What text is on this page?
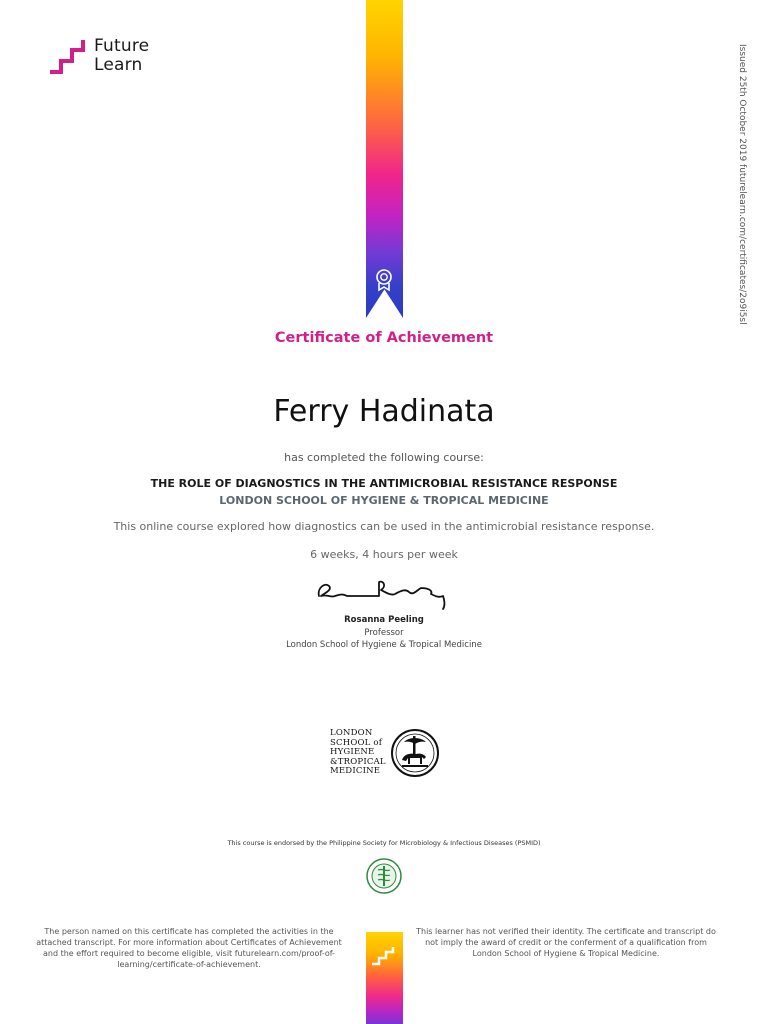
Future
Learn	Issued 25th October 2019 futurelearn.com/certificates/2o9i5sl
Certificate of Achievement
Ferry Hadinata
has completed the following course:
THE ROLE OF DIAGNOSTICS IN THE ANTIMICROBIAL RESISTANCE RESPONSE
LONDON SCHOOL OF HYGIENE & TROPICAL MEDICINE
This online course explored how diagnostics can be used in the antimicrobial resistance response.
6 weeks, 4 hours per week
Rosanna Peeling
Professor
London School of Hygiene & Tropical Medicine
LONDON
SCHOOL of
HYGIENE
&TROPICAL
MEDICINE
This course is endorsed by the Philippine Society for Microbiology & Infectious Diseases (PSMID)
The person named on this certificate has completed the activities in the attached transcript. For more information about Certificates of Achievement and the effort required to become eligible, visit futurelearn.com/proof-of-learning/certificate-of-achievement.
This learner has not verified their identity. The certificate and transcript do not imply the award of credit or the conferment of a qualification from London School of Hygiene & Tropical Medicine.
